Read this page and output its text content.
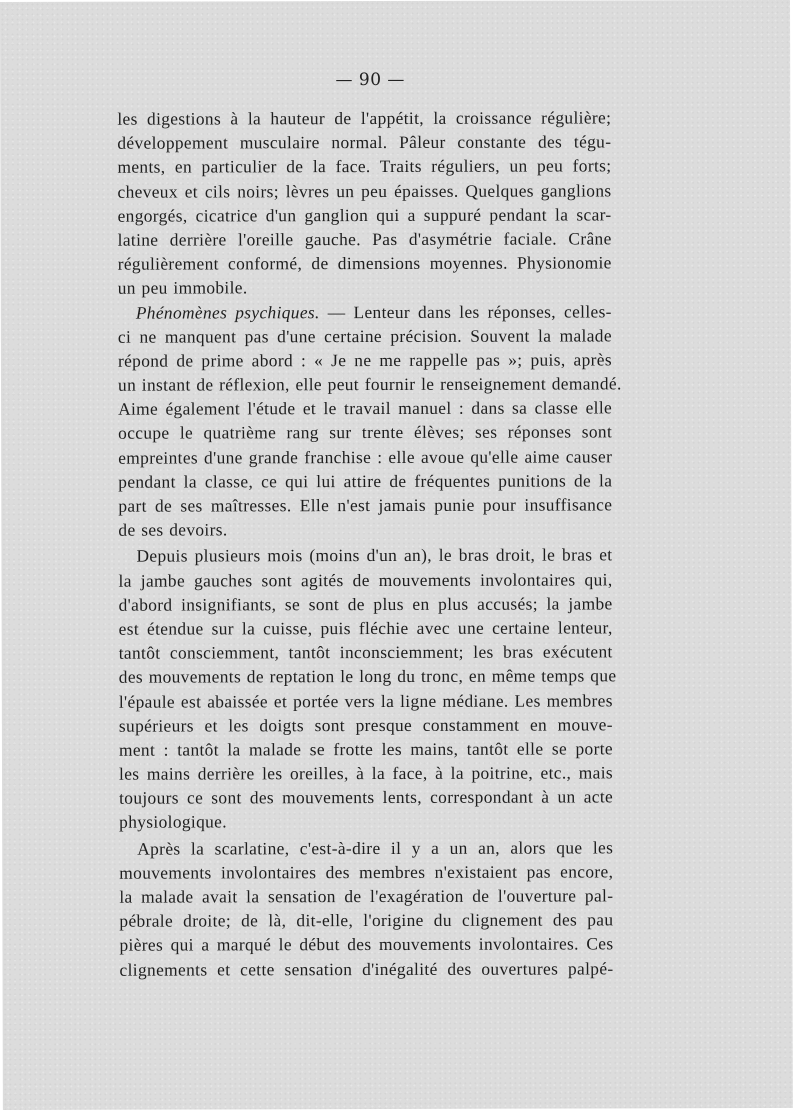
— 90 —
les digestions à la hauteur de l'appétit, la croissance régulière;
développement musculaire normal. Pâleur constante des tégu-
ments, en particulier de la face. Traits réguliers, un peu forts;
cheveux et cils noirs; lèvres un peu épaisses. Quelques ganglions
engorgés, cicatrice d'un ganglion qui a suppuré pendant la scar-
latine derrière l'oreille gauche. Pas d'asymétrie faciale. Crâne
régulièrement conformé, de dimensions moyennes. Physionomie
un peu immobile.
Phénomènes psychiques. — Lenteur dans les réponses, celles-
ci ne manquent pas d'une certaine précision. Souvent la malade
répond de prime abord : « Je ne me rappelle pas »; puis, après
un instant de réflexion, elle peut fournir le renseignement demandé.
Aime également l'étude et le travail manuel : dans sa classe elle
occupe le quatrième rang sur trente élèves; ses réponses sont
empreintes d'une grande franchise : elle avoue qu'elle aime causer
pendant la classe, ce qui lui attire de fréquentes punitions de la
part de ses maîtresses. Elle n'est jamais punie pour insuffisance
de ses devoirs.
Depuis plusieurs mois (moins d'un an), le bras droit, le bras et
la jambe gauches sont agités de mouvements involontaires qui,
d'abord insignifiants, se sont de plus en plus accusés; la jambe
est étendue sur la cuisse, puis fléchie avec une certaine lenteur,
tantôt consciemment, tantôt inconsciemment; les bras exécutent
des mouvements de reptation le long du tronc, en même temps que
l'épaule est abaissée et portée vers la ligne médiane. Les membres
supérieurs et les doigts sont presque constamment en mouve-
ment : tantôt la malade se frotte les mains, tantôt elle se porte
les mains derrière les oreilles, à la face, à la poitrine, etc., mais
toujours ce sont des mouvements lents, correspondant à un acte
physiologique.
Après la scarlatine, c'est-à-dire il y a un an, alors que les
mouvements involontaires des membres n'existaient pas encore,
la malade avait la sensation de l'exagération de l'ouverture pal-
pébrale droite; de là, dit-elle, l'origine du clignement des pau
pières qui a marqué le début des mouvements involontaires. Ces
clignements et cette sensation d'inégalité des ouvertures palpé-
